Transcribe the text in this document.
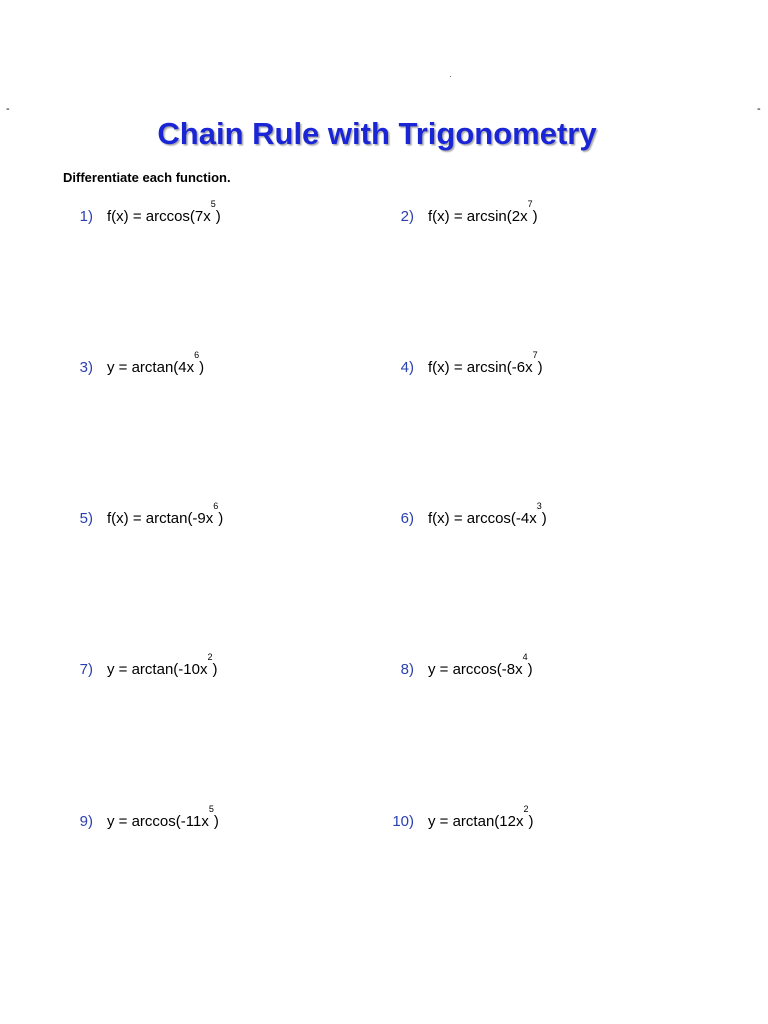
-	-
Chain Rule with Trigonometry
Differentiate each function.
1) $f(x) = \arccos(7x^5)$	2) $f(x) = \arcsin(2x^7)$
3) $y = \arctan(4x^6)$	4) $f(x) = \arcsin(-6x^7)$
5) $f(x) = \arctan(-9x^6)$	6) $f(x) = \arccos(-4x^3)$
7) $y = \arctan(-10x^2)$	8) $y = \arccos(-8x^4)$
9) $y = \arccos(-11x^5)$	10) $y = \arctan(12x^2)$
